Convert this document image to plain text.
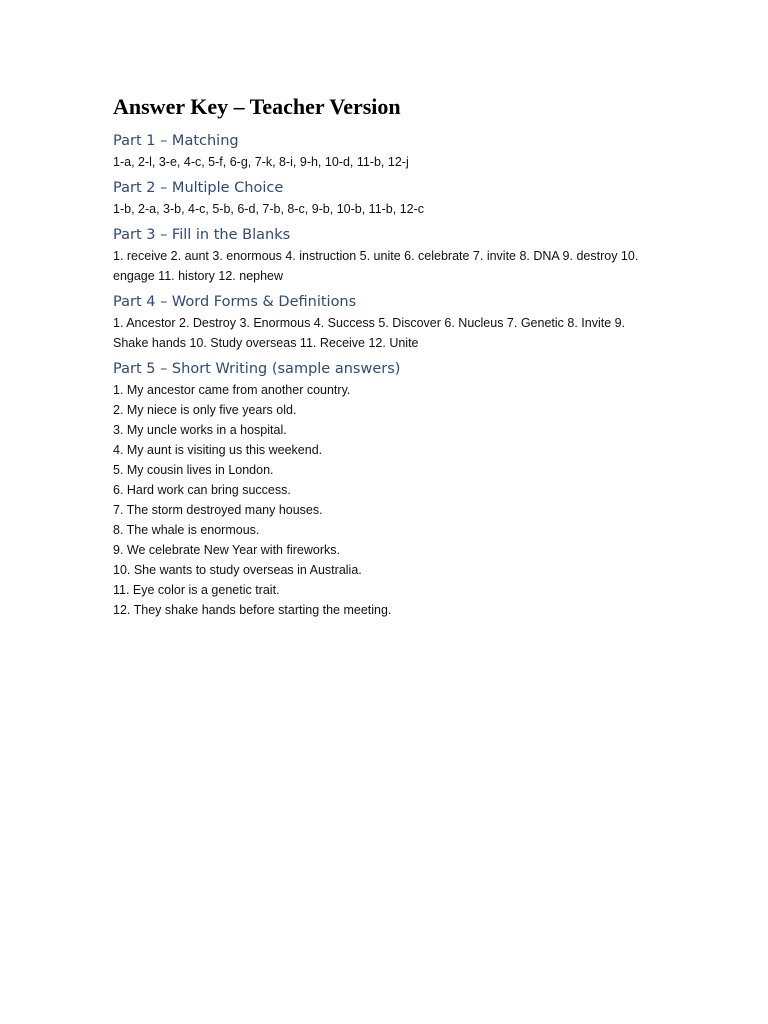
Answer Key – Teacher Version
Part 1 – Matching

1-a, 2-l, 3-e, 4-c, 5-f, 6-g, 7-k, 8-i, 9-h, 10-d, 11-b, 12-j

Part 2 – Multiple Choice

1-b, 2-a, 3-b, 4-c, 5-b, 6-d, 7-b, 8-c, 9-b, 10-b, 11-b, 12-c

Part 3 – Fill in the Blanks

1. receive 2. aunt 3. enormous 4. instruction 5. unite 6. celebrate 7. invite 8. DNA 9. destroy 10. engage 11. history 12. nephew

Part 4 – Word Forms & Definitions

1. Ancestor 2. Destroy 3. Enormous 4. Success 5. Discover 6. Nucleus 7. Genetic 8. Invite 9. Shake hands 10. Study overseas 11. Receive 12. Unite

Part 5 – Short Writing (sample answers)
1. My ancestor came from another country.
2. My niece is only five years old.
3. My uncle works in a hospital.
4. My aunt is visiting us this weekend.
5. My cousin lives in London.
6. Hard work can bring success.
7. The storm destroyed many houses.
8. The whale is enormous.
9. We celebrate New Year with fireworks.
10. She wants to study overseas in Australia.
11. Eye color is a genetic trait.
12. They shake hands before starting the meeting.
